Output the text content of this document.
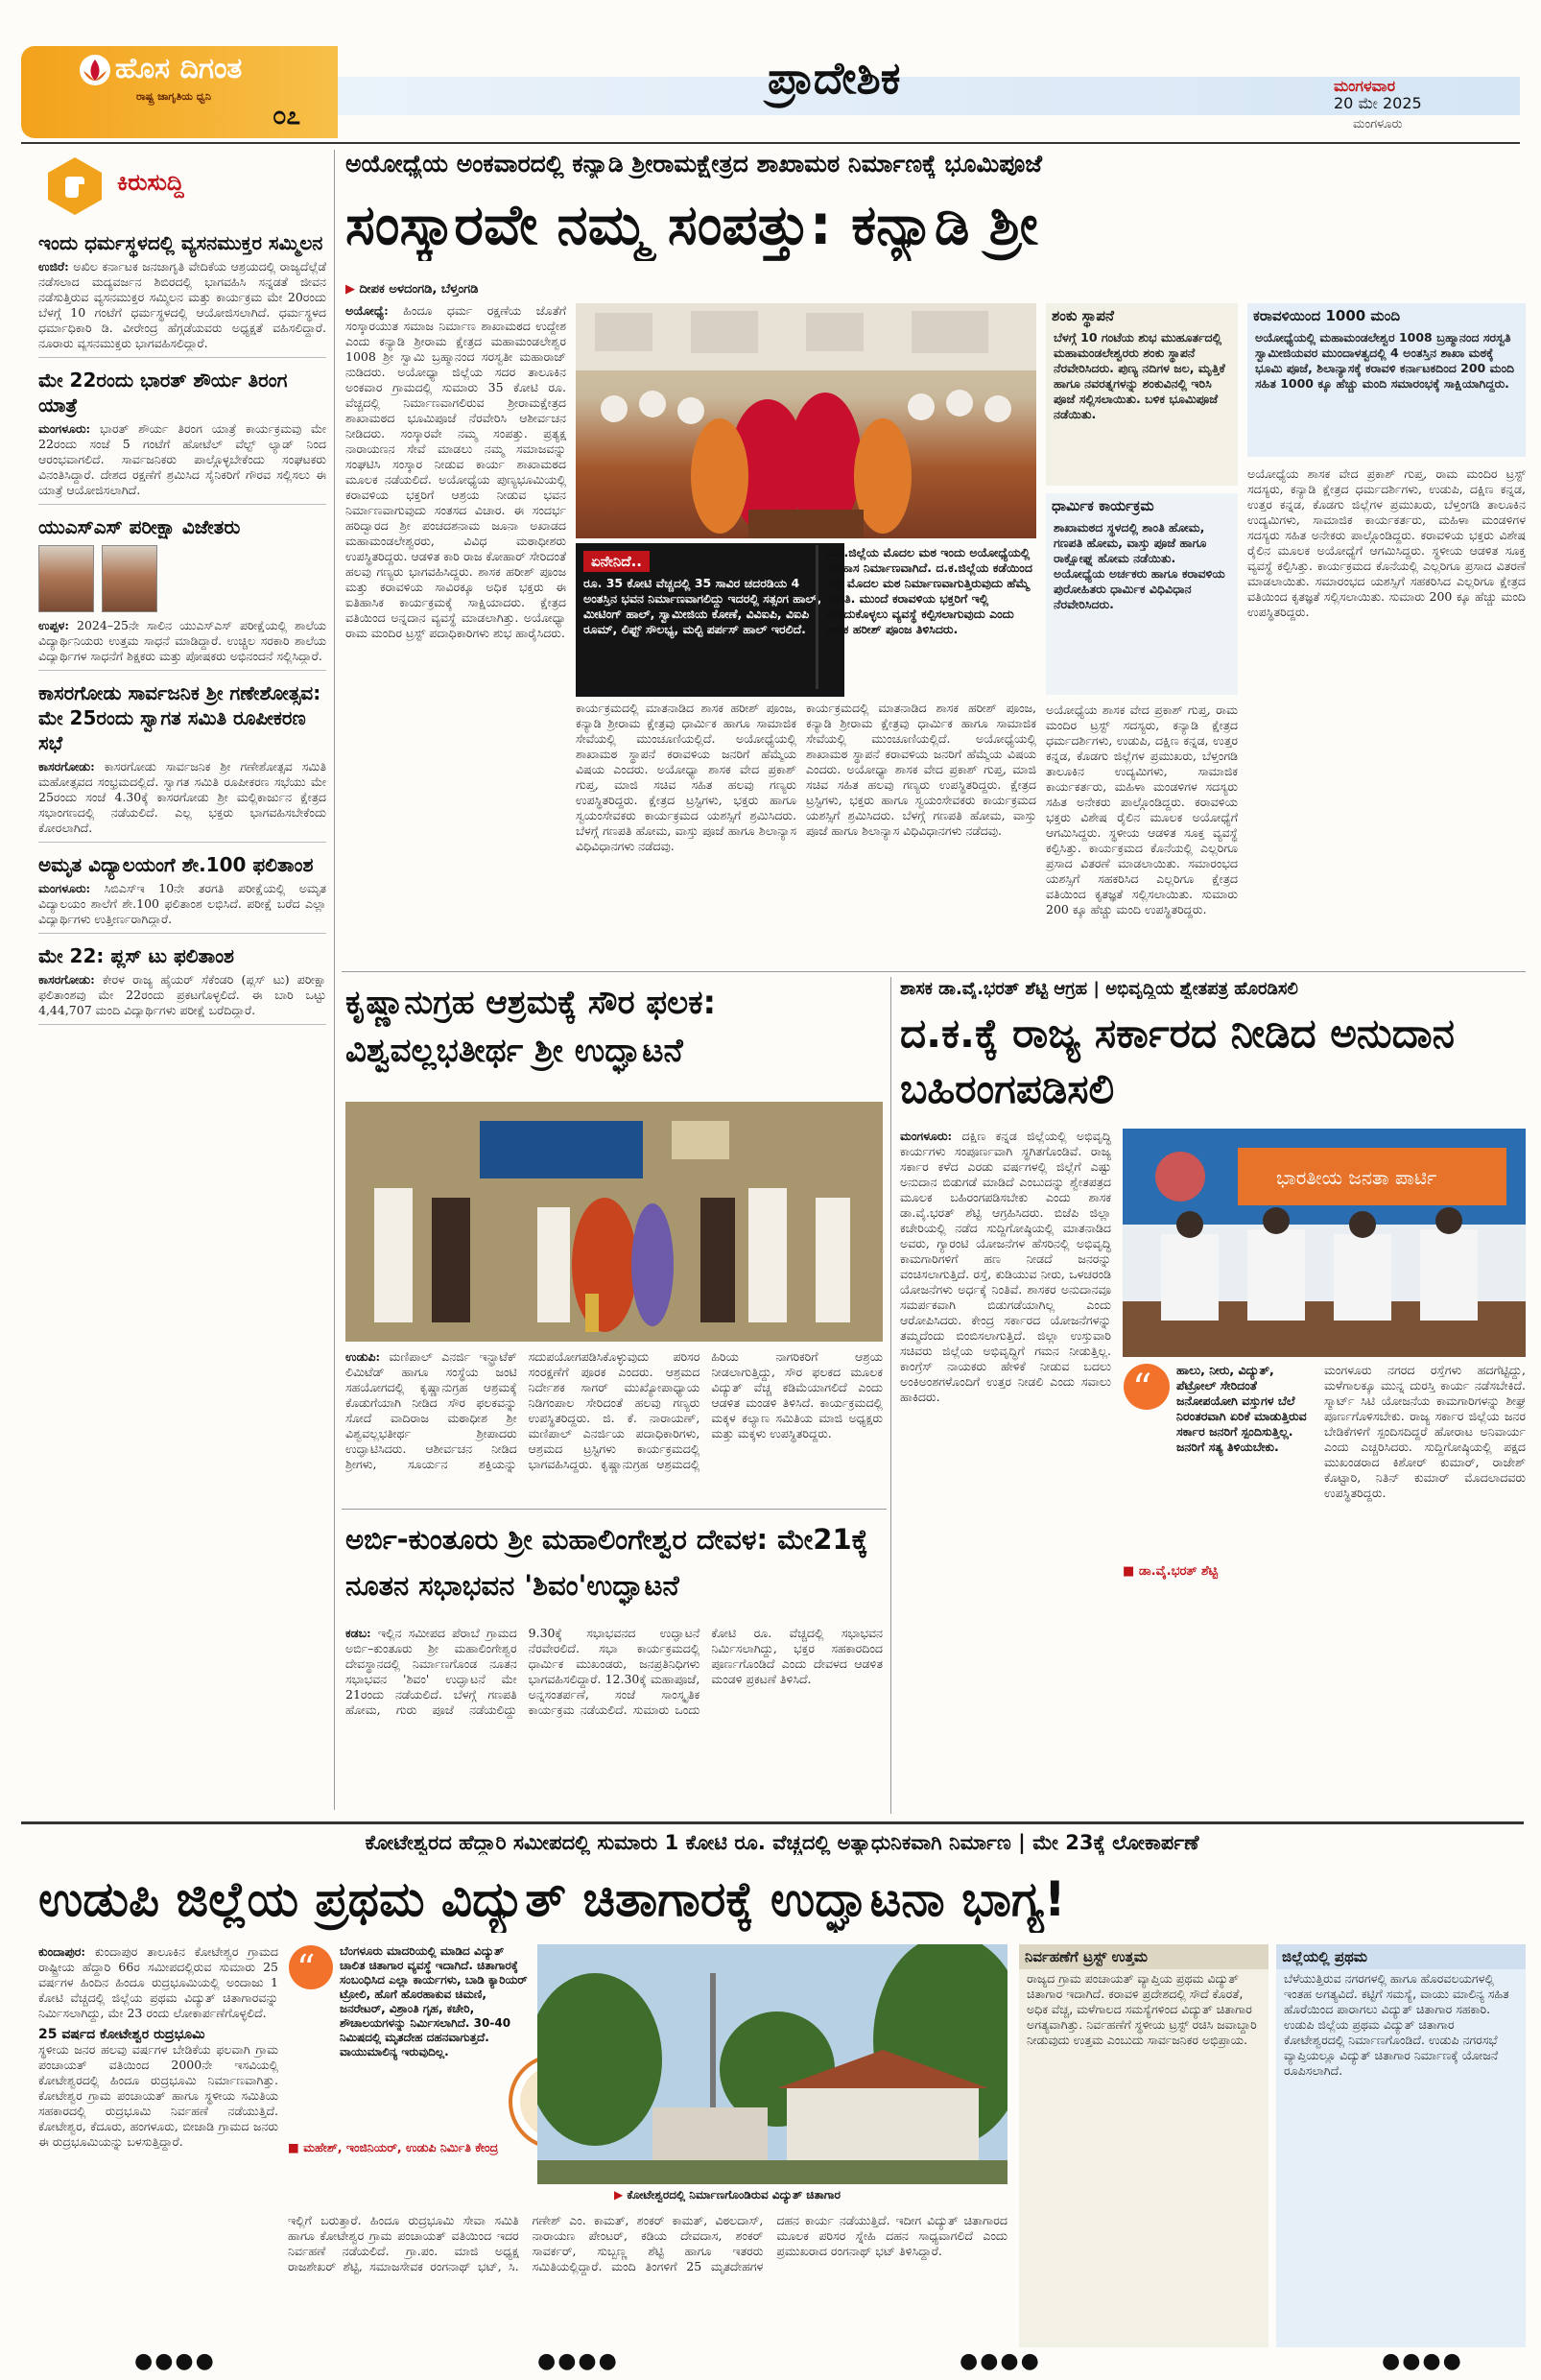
ಹೊಸ ದಿಗಂತ
ರಾಷ್ಟ್ರ ಜಾಗೃತಿಯ ಧ್ವನಿ
೦೭
ಪ್ರಾದೇಶಿಕ	ಮಂಗಳವಾರ
20 ಮೇ 2025
ಮಂಗಳೂರು
ಕಿರುಸುದ್ದಿ
ಇಂದು ಧರ್ಮಸ್ಥಳದಲ್ಲಿ ವ್ಯಸನಮುಕ್ತರ ಸಮ್ಮಿಲನ
ಉಜಿರೆ: ಅಖಿಲ ಕರ್ನಾಟಕ ಜನಜಾಗೃತಿ ವೇದಿಕೆಯ ಆಶ್ರಯದಲ್ಲಿ ರಾಜ್ಯದೆಲ್ಲೆಡೆ ನಡೆಸಲಾದ ಮದ್ಯವರ್ಜನ ಶಿಬಿರದಲ್ಲಿ ಭಾಗವಹಿಸಿ ಸನ್ನಡತೆ ಜೀವನ ನಡೆಸುತ್ತಿರುವ ವ್ಯಸನಮುಕ್ತರ ಸಮ್ಮಿಲನ ಮತ್ತು ಕಾರ್ಯಕ್ರಮ ಮೇ 20ರಂದು ಬೆಳಗ್ಗೆ 10 ಗಂಟೆಗೆ ಧರ್ಮಸ್ಥಳದಲ್ಲಿ ಆಯೋಜಿಸಲಾಗಿದೆ. ಧರ್ಮಸ್ಥಳದ ಧರ್ಮಾಧಿಕಾರಿ ಡಿ. ವೀರೇಂದ್ರ ಹೆಗ್ಗಡೆಯವರು ಅಧ್ಯಕ್ಷತೆ ವಹಿಸಲಿದ್ದಾರೆ. ನೂರಾರು ವ್ಯಸನಮುಕ್ತರು ಭಾಗವಹಿಸಲಿದ್ದಾರೆ.
ಮೇ 22ರಂದು ಭಾರತ್ ಶೌರ್ಯ ತಿರಂಗ ಯಾತ್ರೆ
ಮಂಗಳೂರು: ಭಾರತ್ ಶೌರ್ಯ ತಿರಂಗ ಯಾತ್ರೆ ಕಾರ್ಯಕ್ರಮವು ಮೇ 22ರಂದು ಸಂಜೆ 5 ಗಂಟೆಗೆ ಹೋಟೆಲ್ ವೆಲ್ಟ್ ಲ್ಯಾಡ್ ನಿಂದ ಆರಂಭವಾಗಲಿದೆ. ಸಾರ್ವಜನಿಕರು ಪಾಲ್ಗೊಳ್ಳಬೇಕೆಂದು ಸಂಘಟಕರು ವಿನಂತಿಸಿದ್ದಾರೆ. ದೇಶದ ರಕ್ಷಣೆಗೆ ಶ್ರಮಿಸಿದ ಸೈನಿಕರಿಗೆ ಗೌರವ ಸಲ್ಲಿಸಲು ಈ ಯಾತ್ರೆ ಆಯೋಜಿಸಲಾಗಿದೆ.
ಯುಎಸ್ಎಸ್ ಪರೀಕ್ಷಾ ವಿಜೇತರು
ಉಪ್ಪಳ: 2024–25ನೇ ಸಾಲಿನ ಯುಎಸ್ಎಸ್ ಪರೀಕ್ಷೆಯಲ್ಲಿ ಶಾಲೆಯ ವಿದ್ಯಾರ್ಥಿನಿಯರು ಉತ್ತಮ ಸಾಧನೆ ಮಾಡಿದ್ದಾರೆ. ಉಚ್ಚಿಲ ಸರಕಾರಿ ಶಾಲೆಯ ವಿದ್ಯಾರ್ಥಿಗಳ ಸಾಧನೆಗೆ ಶಿಕ್ಷಕರು ಮತ್ತು ಪೋಷಕರು ಅಭಿನಂದನೆ ಸಲ್ಲಿಸಿದ್ದಾರೆ.
ಕಾಸರಗೋಡು ಸಾರ್ವಜನಿಕ ಶ್ರೀ ಗಣೇಶೋತ್ಸವ: ಮೇ 25ರಂದು ಸ್ವಾಗತ ಸಮಿತಿ ರೂಪೀಕರಣ ಸಭೆ
ಕಾಸರಗೋಡು: ಕಾಸರಗೋಡು ಸಾರ್ವಜನಿಕ ಶ್ರೀ ಗಣೇಶೋತ್ಸವ ಸಮಿತಿ ಮಹೋತ್ಸವದ ಸಂಭ್ರಮದಲ್ಲಿದೆ. ಸ್ವಾಗತ ಸಮಿತಿ ರೂಪೀಕರಣ ಸಭೆಯು ಮೇ 25ರಂದು ಸಂಜೆ 4.30ಕ್ಕೆ ಕಾಸರಗೋಡು ಶ್ರೀ ಮಲ್ಲಿಕಾರ್ಜುನ ಕ್ಷೇತ್ರದ ಸಭಾಂಗಣದಲ್ಲಿ ನಡೆಯಲಿದೆ. ಎಲ್ಲ ಭಕ್ತರು ಭಾಗವಹಿಸಬೇಕೆಂದು ಕೋರಲಾಗಿದೆ.
ಅಮೃತ ವಿದ್ಯಾಲಯಂಗೆ ಶೇ.100 ಫಲಿತಾಂಶ
ಮಂಗಳೂರು: ಸಿಬಿಎಸ್ಇ 10ನೇ ತರಗತಿ ಪರೀಕ್ಷೆಯಲ್ಲಿ ಅಮೃತ ವಿದ್ಯಾಲಯಂ ಶಾಲೆಗೆ ಶೇ.100 ಫಲಿತಾಂಶ ಲಭಿಸಿದೆ. ಪರೀಕ್ಷೆ ಬರೆದ ಎಲ್ಲಾ ವಿದ್ಯಾರ್ಥಿಗಳು ಉತ್ತೀರ್ಣರಾಗಿದ್ದಾರೆ.
ಮೇ 22: ಪ್ಲಸ್ ಟು ಫಲಿತಾಂಶ
ಕಾಸರಗೋಡು: ಕೇರಳ ರಾಜ್ಯ ಹೈಯರ್ ಸೆಕೆಂಡರಿ (ಪ್ಲಸ್ ಟು) ಪರೀಕ್ಷಾ ಫಲಿತಾಂಶವು ಮೇ 22ರಂದು ಪ್ರಕಟಗೊಳ್ಳಲಿದೆ. ಈ ಬಾರಿ ಒಟ್ಟು 4,44,707 ಮಂದಿ ವಿದ್ಯಾರ್ಥಿಗಳು ಪರೀಕ್ಷೆ ಬರೆದಿದ್ದಾರೆ.
ಅಯೋಧ್ಯೆಯ ಅಂಕವಾರದಲ್ಲಿ ಕನ್ಯಾಡಿ ಶ್ರೀರಾಮಕ್ಷೇತ್ರದ ಶಾಖಾಮಠ ನಿರ್ಮಾಣಕ್ಕೆ ಭೂಮಿಪೂಜೆ
ಸಂಸ್ಕಾರವೇ ನಮ್ಮ ಸಂಪತ್ತು: ಕನ್ಯಾಡಿ ಶ್ರೀ
▶ ದೀಪಕ ಅಳದಂಗಡಿ, ಬೆಳ್ತಂಗಡಿ
ಅಯೋಧ್ಯೆ: ಹಿಂದೂ ಧರ್ಮ ರಕ್ಷಣೆಯ ಜೊತೆಗೆ ಸಂಸ್ಕಾರಯುತ ಸಮಾಜ ನಿರ್ಮಾಣ ಶಾಖಾಮಠದ ಉದ್ದೇಶ ಎಂದು ಕನ್ಯಾಡಿ ಶ್ರೀರಾಮ ಕ್ಷೇತ್ರದ ಮಹಾಮಂಡಲೇಶ್ವರ 1008 ಶ್ರೀ ಸ್ವಾಮಿ ಬ್ರಹ್ಮಾನಂದ ಸರಸ್ವತೀ ಮಹಾರಾಜ್ ನುಡಿದರು. ಅಯೋಧ್ಯಾ ಜಿಲ್ಲೆಯ ಸದರ ತಾಲೂಕಿನ ಅಂಕವಾರ ಗ್ರಾಮದಲ್ಲಿ ಸುಮಾರು 35 ಕೋಟಿ ರೂ. ವೆಚ್ಚದಲ್ಲಿ ನಿರ್ಮಾಣವಾಗಲಿರುವ ಶ್ರೀರಾಮಕ್ಷೇತ್ರದ ಶಾಖಾಮಠದ ಭೂಮಿಪೂಜೆ ನೆರವೇರಿಸಿ ಆಶೀರ್ವಚನ ನೀಡಿದರು. ಸಂಸ್ಕಾರವೇ ನಮ್ಮ ಸಂಪತ್ತು. ಪ್ರತ್ಯಕ್ಷ ನಾರಾಯಣನ ಸೇವೆ ಮಾಡಲು ನಮ್ಮ ಸಮಾಜವನ್ನು ಸಂಘಟಿಸಿ ಸಂಸ್ಕಾರ ನೀಡುವ ಕಾರ್ಯ ಶಾಖಾಮಠದ ಮೂಲಕ ನಡೆಯಲಿದೆ. ಅಯೋಧ್ಯೆಯ ಪುಣ್ಯಭೂಮಿಯಲ್ಲಿ ಕರಾವಳಿಯ ಭಕ್ತರಿಗೆ ಆಶ್ರಯ ನೀಡುವ ಭವನ ನಿರ್ಮಾಣವಾಗುವುದು ಸಂತಸದ ವಿಚಾರ. ಈ ಸಂದರ್ಭ ಹರಿದ್ವಾರದ ಶ್ರೀ ಪಂಚದಶನಾಮ ಜೂನಾ ಅಖಾಡದ ಮಹಾಮಂಡಲೇಶ್ವರರು, ವಿವಿಧ ಮಠಾಧೀಶರು ಉಪಸ್ಥಿತರಿದ್ದರು. ಆಡಳಿತ ಕಾರಿ ರಾಜ ಕೋಹಾರ್ ಸೇರಿದಂತೆ ಹಲವು ಗಣ್ಯರು ಭಾಗವಹಿಸಿದ್ದರು. ಶಾಸಕ ಹರೀಶ್ ಪೂಂಜ ಮತ್ತು ಕರಾವಳಿಯ ಸಾವಿರಕ್ಕೂ ಅಧಿಕ ಭಕ್ತರು ಈ ಐತಿಹಾಸಿಕ ಕಾರ್ಯಕ್ರಮಕ್ಕೆ ಸಾಕ್ಷಿಯಾದರು. ಕ್ಷೇತ್ರದ ವತಿಯಿಂದ ಅನ್ನದಾನ ವ್ಯವಸ್ಥೆ ಮಾಡಲಾಗಿತ್ತು. ಅಯೋಧ್ಯಾ ರಾಮ ಮಂದಿರ ಟ್ರಸ್ಟ್ ಪದಾಧಿಕಾರಿಗಳು ಶುಭ ಹಾರೈಸಿದರು.
ಏನೇನಿದೆ..
ರೂ. 35 ಕೋಟಿ ವೆಚ್ಚದಲ್ಲಿ 35 ಸಾವಿರ ಚದರಡಿಯ 4 ಅಂತಸ್ತಿನ ಭವನ ನಿರ್ಮಾಣವಾಗಲಿದ್ದು ಇದರಲ್ಲಿ ಸತ್ಸಂಗ ಹಾಲ್, ಮೀಟಿಂಗ್ ಹಾಲ್, ಸ್ವಾಮೀಜಿಯ ಕೋಣೆ, ವಿವಿಐಪಿ, ವಿಐಪಿ ರೂಮ್, ಲಿಫ್ಟ್ ಸೌಲಭ್ಯ, ಮಲ್ಟಿ ಪರ್ಪಸ್ ಹಾಲ್ ಇರಲಿದೆ.
ದ.ಕ.ಜಿಲ್ಲೆಯ ಮೊದಲ ಮಠ ಇಂದು ಅಯೋಧ್ಯೆಯಲ್ಲಿ ಇತಿಹಾಸ ನಿರ್ಮಾಣವಾಗಿದೆ. ದ.ಕ.ಜಿಲ್ಲೆಯ ಕಡೆಯಿಂದ ಇಲ್ಲಿ ಮೊದಲ ಮಠ ನಿರ್ಮಾಣವಾಗುತ್ತಿರುವುದು ಹೆಮ್ಮೆ ಸಂಗತಿ. ಮುಂದೆ ಕರಾವಳಿಯ ಭಕ್ತರಿಗೆ ಇಲ್ಲಿ ಉಳಿದುಕೊಳ್ಳಲು ವ್ಯವಸ್ಥೆ ಕಲ್ಪಿಸಲಾಗುವುದು ಎಂದು ಶಾಸಕ ಹರೀಶ್ ಪೂಂಜ ತಿಳಿಸಿದರು.
ಕಾರ್ಯಕ್ರಮದಲ್ಲಿ ಮಾತನಾಡಿದ ಶಾಸಕ ಹರೀಶ್ ಪೂಂಜ, ಕನ್ಯಾಡಿ ಶ್ರೀರಾಮ ಕ್ಷೇತ್ರವು ಧಾರ್ಮಿಕ ಹಾಗೂ ಸಾಮಾಜಿಕ ಸೇವೆಯಲ್ಲಿ ಮುಂಚೂಣಿಯಲ್ಲಿದೆ. ಅಯೋಧ್ಯೆಯಲ್ಲಿ ಶಾಖಾಮಠ ಸ್ಥಾಪನೆ ಕರಾವಳಿಯ ಜನರಿಗೆ ಹೆಮ್ಮೆಯ ವಿಷಯ ಎಂದರು. ಅಯೋಧ್ಯಾ ಶಾಸಕ ವೇದ ಪ್ರಕಾಶ್ ಗುಪ್ತ, ಮಾಜಿ ಸಚಿವ ಸಹಿತ ಹಲವು ಗಣ್ಯರು ಉಪಸ್ಥಿತರಿದ್ದರು. ಕ್ಷೇತ್ರದ ಟ್ರಸ್ಟಿಗಳು, ಭಕ್ತರು ಹಾಗೂ ಸ್ವಯಂಸೇವಕರು ಕಾರ್ಯಕ್ರಮದ ಯಶಸ್ಸಿಗೆ ಶ್ರಮಿಸಿದರು. ಬೆಳಗ್ಗೆ ಗಣಪತಿ ಹೋಮ, ವಾಸ್ತು ಪೂಜೆ ಹಾಗೂ ಶಿಲಾನ್ಯಾಸ ವಿಧಿವಿಧಾನಗಳು ನಡೆದವು.
ಕಾರ್ಯಕ್ರಮದಲ್ಲಿ ಮಾತನಾಡಿದ ಶಾಸಕ ಹರೀಶ್ ಪೂಂಜ, ಕನ್ಯಾಡಿ ಶ್ರೀರಾಮ ಕ್ಷೇತ್ರವು ಧಾರ್ಮಿಕ ಹಾಗೂ ಸಾಮಾಜಿಕ ಸೇವೆಯಲ್ಲಿ ಮುಂಚೂಣಿಯಲ್ಲಿದೆ. ಅಯೋಧ್ಯೆಯಲ್ಲಿ ಶಾಖಾಮಠ ಸ್ಥಾಪನೆ ಕರಾವಳಿಯ ಜನರಿಗೆ ಹೆಮ್ಮೆಯ ವಿಷಯ ಎಂದರು. ಅಯೋಧ್ಯಾ ಶಾಸಕ ವೇದ ಪ್ರಕಾಶ್ ಗುಪ್ತ, ಮಾಜಿ ಸಚಿವ ಸಹಿತ ಹಲವು ಗಣ್ಯರು ಉಪಸ್ಥಿತರಿದ್ದರು. ಕ್ಷೇತ್ರದ ಟ್ರಸ್ಟಿಗಳು, ಭಕ್ತರು ಹಾಗೂ ಸ್ವಯಂಸೇವಕರು ಕಾರ್ಯಕ್ರಮದ ಯಶಸ್ಸಿಗೆ ಶ್ರಮಿಸಿದರು. ಬೆಳಗ್ಗೆ ಗಣಪತಿ ಹೋಮ, ವಾಸ್ತು ಪೂಜೆ ಹಾಗೂ ಶಿಲಾನ್ಯಾಸ ವಿಧಿವಿಧಾನಗಳು ನಡೆದವು.
ಶಂಕು ಸ್ಥಾಪನೆ
ಬೆಳಗ್ಗೆ 10 ಗಂಟೆಯ ಶುಭ ಮುಹೂರ್ತದಲ್ಲಿ ಮಹಾಮಂಡಲೇಶ್ವರರು ಶಂಕು ಸ್ಥಾಪನೆ ನೆರವೇರಿಸಿದರು. ಪುಣ್ಯ ನದಿಗಳ ಜಲ, ಮೃತ್ತಿಕೆ ಹಾಗೂ ನವರತ್ನಗಳನ್ನು ಶಂಕುವಿನಲ್ಲಿ ಇರಿಸಿ ಪೂಜೆ ಸಲ್ಲಿಸಲಾಯಿತು. ಬಳಿಕ ಭೂಮಿಪೂಜೆ ನಡೆಯಿತು.
ಧಾರ್ಮಿಕ ಕಾರ್ಯಕ್ರಮ
ಶಾಖಾಮಠದ ಸ್ಥಳದಲ್ಲಿ ಶಾಂತಿ ಹೋಮ, ಗಣಪತಿ ಹೋಮ, ವಾಸ್ತು ಪೂಜೆ ಹಾಗೂ ರಾಕ್ಷೋಘ್ನ ಹೋಮ ನಡೆಯಿತು. ಅಯೋಧ್ಯೆಯ ಅರ್ಚಕರು ಹಾಗೂ ಕರಾವಳಿಯ ಪುರೋಹಿತರು ಧಾರ್ಮಿಕ ವಿಧಿವಿಧಾನ ನೆರವೇರಿಸಿದರು.
ಅಯೋಧ್ಯೆಯ ಶಾಸಕ ವೇದ ಪ್ರಕಾಶ್ ಗುಪ್ತ, ರಾಮ ಮಂದಿರ ಟ್ರಸ್ಟ್ ಸದಸ್ಯರು, ಕನ್ಯಾಡಿ ಕ್ಷೇತ್ರದ ಧರ್ಮದರ್ಶಿಗಳು, ಉಡುಪಿ, ದಕ್ಷಿಣ ಕನ್ನಡ, ಉತ್ತರ ಕನ್ನಡ, ಕೊಡಗು ಜಿಲ್ಲೆಗಳ ಪ್ರಮುಖರು, ಬೆಳ್ತಂಗಡಿ ತಾಲೂಕಿನ ಉದ್ಯಮಿಗಳು, ಸಾಮಾಜಿಕ ಕಾರ್ಯಕರ್ತರು, ಮಹಿಳಾ ಮಂಡಳಿಗಳ ಸದಸ್ಯರು ಸಹಿತ ಅನೇಕರು ಪಾಲ್ಗೊಂಡಿದ್ದರು. ಕರಾವಳಿಯ ಭಕ್ತರು ವಿಶೇಷ ರೈಲಿನ ಮೂಲಕ ಅಯೋಧ್ಯೆಗೆ ಆಗಮಿಸಿದ್ದರು. ಸ್ಥಳೀಯ ಆಡಳಿತ ಸೂಕ್ತ ವ್ಯವಸ್ಥೆ ಕಲ್ಪಿಸಿತ್ತು. ಕಾರ್ಯಕ್ರಮದ ಕೊನೆಯಲ್ಲಿ ಎಲ್ಲರಿಗೂ ಪ್ರಸಾದ ವಿತರಣೆ ಮಾಡಲಾಯಿತು. ಸಮಾರಂಭದ ಯಶಸ್ಸಿಗೆ ಸಹಕರಿಸಿದ ಎಲ್ಲರಿಗೂ ಕ್ಷೇತ್ರದ ವತಿಯಿಂದ ಕೃತಜ್ಞತೆ ಸಲ್ಲಿಸಲಾಯಿತು. ಸುಮಾರು 200 ಕ್ಕೂ ಹೆಚ್ಚು ಮಂದಿ ಉಪಸ್ಥಿತರಿದ್ದರು.
ಕರಾವಳಿಯಿಂದ 1000 ಮಂದಿ
ಅಯೋಧ್ಯೆಯಲ್ಲಿ ಮಹಾಮಂಡಲೇಶ್ವರ 1008 ಬ್ರಹ್ಮಾನಂದ ಸರಸ್ವತಿ ಸ್ವಾಮೀಜಿಯವರ ಮುಂದಾಳತ್ವದಲ್ಲಿ 4 ಅಂತಸ್ತಿನ ಶಾಖಾ ಮಠಕ್ಕೆ ಭೂಮಿ ಪೂಜೆ, ಶಿಲಾನ್ಯಾಸಕ್ಕೆ ಕರಾವಳಿ ಕರ್ನಾಟಕದಿಂದ 200 ಮಂದಿ ಸಹಿತ 1000 ಕ್ಕೂ ಹೆಚ್ಚು ಮಂದಿ ಸಮಾರಂಭಕ್ಕೆ ಸಾಕ್ಷಿಯಾಗಿದ್ದರು.
ಅಯೋಧ್ಯೆಯ ಶಾಸಕ ವೇದ ಪ್ರಕಾಶ್ ಗುಪ್ತ, ರಾಮ ಮಂದಿರ ಟ್ರಸ್ಟ್ ಸದಸ್ಯರು, ಕನ್ಯಾಡಿ ಕ್ಷೇತ್ರದ ಧರ್ಮದರ್ಶಿಗಳು, ಉಡುಪಿ, ದಕ್ಷಿಣ ಕನ್ನಡ, ಉತ್ತರ ಕನ್ನಡ, ಕೊಡಗು ಜಿಲ್ಲೆಗಳ ಪ್ರಮುಖರು, ಬೆಳ್ತಂಗಡಿ ತಾಲೂಕಿನ ಉದ್ಯಮಿಗಳು, ಸಾಮಾಜಿಕ ಕಾರ್ಯಕರ್ತರು, ಮಹಿಳಾ ಮಂಡಳಿಗಳ ಸದಸ್ಯರು ಸಹಿತ ಅನೇಕರು ಪಾಲ್ಗೊಂಡಿದ್ದರು. ಕರಾವಳಿಯ ಭಕ್ತರು ವಿಶೇಷ ರೈಲಿನ ಮೂಲಕ ಅಯೋಧ್ಯೆಗೆ ಆಗಮಿಸಿದ್ದರು. ಸ್ಥಳೀಯ ಆಡಳಿತ ಸೂಕ್ತ ವ್ಯವಸ್ಥೆ ಕಲ್ಪಿಸಿತ್ತು. ಕಾರ್ಯಕ್ರಮದ ಕೊನೆಯಲ್ಲಿ ಎಲ್ಲರಿಗೂ ಪ್ರಸಾದ ವಿತರಣೆ ಮಾಡಲಾಯಿತು. ಸಮಾರಂಭದ ಯಶಸ್ಸಿಗೆ ಸಹಕರಿಸಿದ ಎಲ್ಲರಿಗೂ ಕ್ಷೇತ್ರದ ವತಿಯಿಂದ ಕೃತಜ್ಞತೆ ಸಲ್ಲಿಸಲಾಯಿತು. ಸುಮಾರು 200 ಕ್ಕೂ ಹೆಚ್ಚು ಮಂದಿ ಉಪಸ್ಥಿತರಿದ್ದರು.
ಕೃಷ್ಣಾನುಗ್ರಹ ಆಶ್ರಮಕ್ಕೆ ಸೌರ ಫಲಕ: ವಿಶ್ವವಲ್ಲಭತೀರ್ಥ ಶ್ರೀ ಉದ್ಘಾಟನೆ
ಉಡುಪಿ: ಮಣಿಪಾಲ್ ಎನರ್ಜಿ ಇನ್ಫ್ರಾಟೆಕ್ ಲಿಮಿಟೆಡ್ ಹಾಗೂ ಸಂಸ್ಥೆಯ ಜಂಟಿ ಸಹಯೋಗದಲ್ಲಿ ಕೃಷ್ಣಾನುಗ್ರಹ ಆಶ್ರಮಕ್ಕೆ ಕೊಡುಗೆಯಾಗಿ ನೀಡಿದ ಸೌರ ಫಲಕವನ್ನು ಸೋದೆ ವಾದಿರಾಜ ಮಠಾಧೀಶ ಶ್ರೀ ವಿಶ್ವವಲ್ಲಭತೀರ್ಥ ಶ್ರೀಪಾದರು ಉದ್ಘಾಟಿಸಿದರು. ಆಶೀರ್ವಚನ ನೀಡಿದ ಶ್ರೀಗಳು, ಸೂರ್ಯನ ಶಕ್ತಿಯನ್ನು ಸದುಪಯೋಗಪಡಿಸಿಕೊಳ್ಳುವುದು ಪರಿಸರ ಸಂರಕ್ಷಣೆಗೆ ಪೂರಕ ಎಂದರು. ಆಶ್ರಮದ ನಿರ್ದೇಶಕ ಸಾಗರ್ ಮುಖ್ಯೋಪಾಧ್ಯಾಯ ನಿಡಿಗಂಪಾಲ ಸೇರಿದಂತೆ ಹಲವು ಗಣ್ಯರು ಉಪಸ್ಥಿತರಿದ್ದರು. ಜಿ. ಕೆ. ನಾರಾಯಣ್, ಮಣಿಪಾಲ್ ಎನರ್ಜಿಯ ಪದಾಧಿಕಾರಿಗಳು, ಆಶ್ರಮದ ಟ್ರಸ್ಟಿಗಳು ಕಾರ್ಯಕ್ರಮದಲ್ಲಿ ಭಾಗವಹಿಸಿದ್ದರು. ಕೃಷ್ಣಾನುಗ್ರಹ ಆಶ್ರಮದಲ್ಲಿ ಹಿರಿಯ ನಾಗರಿಕರಿಗೆ ಆಶ್ರಯ ನೀಡಲಾಗುತ್ತಿದ್ದು, ಸೌರ ಫಲಕದ ಮೂಲಕ ವಿದ್ಯುತ್ ವೆಚ್ಚ ಕಡಿಮೆಯಾಗಲಿದೆ ಎಂದು ಆಡಳಿತ ಮಂಡಳಿ ತಿಳಿಸಿದೆ. ಕಾರ್ಯಕ್ರಮದಲ್ಲಿ ಮಕ್ಕಳ ಕಲ್ಯಾಣ ಸಮಿತಿಯ ಮಾಜಿ ಅಧ್ಯಕ್ಷರು ಮತ್ತು ಮಕ್ಕಳು ಉಪಸ್ಥಿತರಿದ್ದರು.
ಅರ್ಬಿ-ಕುಂತೂರು ಶ್ರೀ ಮಹಾಲಿಂಗೇಶ್ವರ ದೇವಳ: ಮೇ21ಕ್ಕೆ ನೂತನ ಸಭಾಭವನ 'ಶಿವಂ'ಉದ್ಘಾಟನೆ
ಕಡಬ: ಇಲ್ಲಿನ ಸಮೀಪದ ಪೆರಾಬೆ ಗ್ರಾಮದ ಅರ್ಬಿ–ಕುಂತೂರು ಶ್ರೀ ಮಹಾಲಿಂಗೇಶ್ವರ ದೇವಸ್ಥಾನದಲ್ಲಿ ನಿರ್ಮಾಣಗೊಂಡ ನೂತನ ಸಭಾಭವನ 'ಶಿವಂ' ಉದ್ಘಾಟನೆ ಮೇ 21ರಂದು ನಡೆಯಲಿದೆ. ಬೆಳಗ್ಗೆ ಗಣಪತಿ ಹೋಮ, ಗುರು ಪೂಜೆ ನಡೆಯಲಿದ್ದು 9.30ಕ್ಕೆ ಸಭಾಭವನದ ಉದ್ಘಾಟನೆ ನೆರವೇರಲಿದೆ. ಸಭಾ ಕಾರ್ಯಕ್ರಮದಲ್ಲಿ ಧಾರ್ಮಿಕ ಮುಖಂಡರು, ಜನಪ್ರತಿನಿಧಿಗಳು ಭಾಗವಹಿಸಲಿದ್ದಾರೆ. 12.30ಕ್ಕೆ ಮಹಾಪೂಜೆ, ಅನ್ನಸಂತರ್ಪಣೆ, ಸಂಜೆ ಸಾಂಸ್ಕೃತಿಕ ಕಾರ್ಯಕ್ರಮ ನಡೆಯಲಿದೆ. ಸುಮಾರು ಒಂದು ಕೋಟಿ ರೂ. ವೆಚ್ಚದಲ್ಲಿ ಸಭಾಭವನ ನಿರ್ಮಿಸಲಾಗಿದ್ದು, ಭಕ್ತರ ಸಹಕಾರದಿಂದ ಪೂರ್ಣಗೊಂಡಿದೆ ಎಂದು ದೇವಳದ ಆಡಳಿತ ಮಂಡಳಿ ಪ್ರಕಟಣೆ ತಿಳಿಸಿದೆ.
ಶಾಸಕ ಡಾ.ವೈ.ಭರತ್ ಶೆಟ್ಟಿ ಆಗ್ರಹ | ಅಭಿವೃದ್ಧಿಯ ಶ್ವೇತಪತ್ರ ಹೊರಡಿಸಲಿ
ದ.ಕ.ಕ್ಕೆ ರಾಜ್ಯ ಸರ್ಕಾರದ ನೀಡಿದ ಅನುದಾನ ಬಹಿರಂಗಪಡಿಸಲಿ
ಮಂಗಳೂರು: ದಕ್ಷಿಣ ಕನ್ನಡ ಜಿಲ್ಲೆಯಲ್ಲಿ ಅಭಿವೃದ್ಧಿ ಕಾರ್ಯಗಳು ಸಂಪೂರ್ಣವಾಗಿ ಸ್ಥಗಿತಗೊಂಡಿವೆ. ರಾಜ್ಯ ಸರ್ಕಾರ ಕಳೆದ ಎರಡು ವರ್ಷಗಳಲ್ಲಿ ಜಿಲ್ಲೆಗೆ ಎಷ್ಟು ಅನುದಾನ ಬಿಡುಗಡೆ ಮಾಡಿದೆ ಎಂಬುದನ್ನು ಶ್ವೇತಪತ್ರದ ಮೂಲಕ ಬಹಿರಂಗಪಡಿಸಬೇಕು ಎಂದು ಶಾಸಕ ಡಾ.ವೈ.ಭರತ್ ಶೆಟ್ಟಿ ಆಗ್ರಹಿಸಿದರು. ಬಿಜೆಪಿ ಜಿಲ್ಲಾ ಕಚೇರಿಯಲ್ಲಿ ನಡೆದ ಸುದ್ದಿಗೋಷ್ಠಿಯಲ್ಲಿ ಮಾತನಾಡಿದ ಅವರು, ಗ್ಯಾರಂಟಿ ಯೋಜನೆಗಳ ಹೆಸರಿನಲ್ಲಿ ಅಭಿವೃದ್ಧಿ ಕಾಮಗಾರಿಗಳಿಗೆ ಹಣ ನೀಡದೆ ಜನರನ್ನು ವಂಚಿಸಲಾಗುತ್ತಿದೆ. ರಸ್ತೆ, ಕುಡಿಯುವ ನೀರು, ಒಳಚರಂಡಿ ಯೋಜನೆಗಳು ಅರ್ಧಕ್ಕೆ ನಿಂತಿವೆ. ಶಾಸಕರ ಅನುದಾನವೂ ಸಮರ್ಪಕವಾಗಿ ಬಿಡುಗಡೆಯಾಗಿಲ್ಲ ಎಂದು ಆರೋಪಿಸಿದರು. ಕೇಂದ್ರ ಸರ್ಕಾರದ ಯೋಜನೆಗಳನ್ನು ತಮ್ಮದೆಂದು ಬಿಂಬಿಸಲಾಗುತ್ತಿದೆ. ಜಿಲ್ಲಾ ಉಸ್ತುವಾರಿ ಸಚಿವರು ಜಿಲ್ಲೆಯ ಅಭಿವೃದ್ಧಿಗೆ ಗಮನ ನೀಡುತ್ತಿಲ್ಲ. ಕಾಂಗ್ರೆಸ್ ನಾಯಕರು ಹೇಳಿಕೆ ನೀಡುವ ಬದಲು ಅಂಕಿಅಂಶಗಳೊಂದಿಗೆ ಉತ್ತರ ನೀಡಲಿ ಎಂದು ಸವಾಲು ಹಾಕಿದರು.
ಭಾರತೀಯ ಜನತಾ ಪಾರ್ಟಿ
“ ಹಾಲು, ನೀರು, ವಿದ್ಯುತ್, ಪೆಟ್ರೋಲ್ ಸೇರಿದಂತೆ ಜನೋಪಯೋಗಿ ವಸ್ತುಗಳ ಬೆಲೆ ನಿರಂತರವಾಗಿ ಏರಿಕೆ ಮಾಡುತ್ತಿರುವ ಸರ್ಕಾರ ಜನರಿಗೆ ಸ್ಪಂದಿಸುತ್ತಿಲ್ಲ. ಜನರಿಗೆ ಸತ್ಯ ತಿಳಿಯಬೇಕು.
■ ಡಾ.ವೈ.ಭರತ್ ಶೆಟ್ಟಿ
ಮಂಗಳೂರು ನಗರದ ರಸ್ತೆಗಳು ಹದಗೆಟ್ಟಿದ್ದು, ಮಳೆಗಾಲಕ್ಕೂ ಮುನ್ನ ದುರಸ್ತಿ ಕಾರ್ಯ ನಡೆಸಬೇಕಿದೆ. ಸ್ಮಾರ್ಟ್ ಸಿಟಿ ಯೋಜನೆಯ ಕಾಮಗಾರಿಗಳನ್ನು ಶೀಘ್ರ ಪೂರ್ಣಗೊಳಿಸಬೇಕು. ರಾಜ್ಯ ಸರ್ಕಾರ ಜಿಲ್ಲೆಯ ಜನರ ಬೇಡಿಕೆಗಳಿಗೆ ಸ್ಪಂದಿಸದಿದ್ದರೆ ಹೋರಾಟ ಅನಿವಾರ್ಯ ಎಂದು ಎಚ್ಚರಿಸಿದರು. ಸುದ್ದಿಗೋಷ್ಠಿಯಲ್ಲಿ ಪಕ್ಷದ ಮುಖಂಡರಾದ ಕಿಶೋರ್ ಕುಮಾರ್, ರಾಜೇಶ್ ಕೊಟ್ಟಾರಿ, ನಿತಿನ್ ಕುಮಾರ್ ಮೊದಲಾದವರು ಉಪಸ್ಥಿತರಿದ್ದರು.
ಕೋಟೇಶ್ವರದ ಹೆದ್ದಾರಿ ಸಮೀಪದಲ್ಲಿ ಸುಮಾರು 1 ಕೋಟಿ ರೂ. ವೆಚ್ಚದಲ್ಲಿ ಅತ್ಯಾಧುನಿಕವಾಗಿ ನಿರ್ಮಾಣ | ಮೇ 23ಕ್ಕೆ ಲೋಕಾರ್ಪಣೆ
ಉಡುಪಿ ಜಿಲ್ಲೆಯ ಪ್ರಥಮ ವಿದ್ಯುತ್ ಚಿತಾಗಾರಕ್ಕೆ ಉದ್ಘಾಟನಾ ಭಾಗ್ಯ!
ಕುಂದಾಪುರ: ಕುಂದಾಪುರ ತಾಲೂಕಿನ ಕೋಟೇಶ್ವರ ಗ್ರಾಮದ ರಾಷ್ಟ್ರೀಯ ಹೆದ್ದಾರಿ 66ರ ಸಮೀಪದಲ್ಲಿರುವ ಸುಮಾರು 25 ವರ್ಷಗಳ ಹಿಂದಿನ ಹಿಂದೂ ರುದ್ರಭೂಮಿಯಲ್ಲಿ ಅಂದಾಜು 1 ಕೋಟಿ ವೆಚ್ಚದಲ್ಲಿ ಜಿಲ್ಲೆಯ ಪ್ರಥಮ ವಿದ್ಯುತ್ ಚಿತಾಗಾರವನ್ನು ನಿರ್ಮಿಸಲಾಗಿದ್ದು, ಮೇ 23 ರಂದು ಲೋಕಾರ್ಪಣೆಗೊಳ್ಳಲಿದೆ.
25 ವರ್ಷದ ಕೋಟೇಶ್ವರ ರುದ್ರಭೂಮಿ
ಸ್ಥಳೀಯ ಜನರ ಹಲವು ವರ್ಷಗಳ ಬೇಡಿಕೆಯ ಫಲವಾಗಿ ಗ್ರಾಮ ಪಂಚಾಯತ್ ವತಿಯಿಂದ 2000ನೇ ಇಸವಿಯಲ್ಲಿ ಕೋಟೇಶ್ವರದಲ್ಲಿ ಹಿಂದೂ ರುದ್ರಭೂಮಿ ನಿರ್ಮಾಣವಾಗಿತ್ತು. ಕೋಟೇಶ್ವರ ಗ್ರಾಮ ಪಂಚಾಯತ್ ಹಾಗೂ ಸ್ಥಳೀಯ ಸಮಿತಿಯ ಸಹಕಾರದಲ್ಲಿ ರುದ್ರಭೂಮಿ ನಿರ್ವಹಣೆ ನಡೆಯುತ್ತಿದೆ. ಕೋಟೇಶ್ವರ, ಕೆದೂರು, ಹಂಗಳೂರು, ಬೀಜಾಡಿ ಗ್ರಾಮದ ಜನರು ಈ ರುದ್ರಭೂಮಿಯನ್ನು ಬಳಸುತ್ತಿದ್ದಾರೆ.
“ ಬೆಂಗಳೂರು ಮಾದರಿಯಲ್ಲಿ ಮಾಡಿದ ವಿದ್ಯುತ್ ಚಾಲಿತ ಚಿತಾಗಾರ ವ್ಯವಸ್ಥೆ ಇದಾಗಿದೆ. ಚಿತಾಗಾರಕ್ಕೆ ಸಂಬಂಧಿಸಿದ ಎಲ್ಲಾ ಕಾರ್ಯಗಳು, ಬಾಡಿ ಕ್ಯಾರಿಯರ್ ಟ್ರೋಲಿ, ಹೊಗೆ ಹೊರಹಾಕುವ ಚಿಮಣಿ, ಜನರೇಟರ್, ವಿಶ್ರಾಂತಿ ಗೃಹ, ಕಚೇರಿ, ಶೌಚಾಲಯಗಳನ್ನು ನಿರ್ಮಿಸಲಾಗಿದೆ. 30-40 ನಿಮಿಷದಲ್ಲಿ ಮೃತದೇಹ ದಹನವಾಗುತ್ತದೆ. ವಾಯುಮಾಲಿನ್ಯ ಇರುವುದಿಲ್ಲ.
■ ಮಹೇಶ್, ಇಂಜಿನಿಯರ್, ಉಡುಪಿ ನಿರ್ಮಿತಿ ಕೇಂದ್ರ
▶ ಕೋಟೇಶ್ವರದಲ್ಲಿ ನಿರ್ಮಾಣಗೊಂಡಿರುವ ವಿದ್ಯುತ್ ಚಿತಾಗಾರ
ಇಲ್ಲಿಗೆ ಬರುತ್ತಾರೆ. ಹಿಂದೂ ರುದ್ರಭೂಮಿ ಸೇವಾ ಸಮಿತಿ ಹಾಗೂ ಕೋಟೇಶ್ವರ ಗ್ರಾಮ ಪಂಚಾಯತ್ ವತಿಯಿಂದ ಇದರ ನಿರ್ವಹಣೆ ನಡೆಯಲಿದೆ. ಗ್ರಾ.ಪಂ. ಮಾಜಿ ಅಧ್ಯಕ್ಷ ರಾಜಶೇಖರ್ ಶೆಟ್ಟಿ, ಸಮಾಜಸೇವಕ ರಂಗನಾಥ್ ಭಟ್, ಸಿ. ಗಣೇಶ್ ಎಂ. ಕಾಮತ್, ಶಂಕರ್ ಕಾಮತ್, ವಿಠಲದಾಸ್, ನಾರಾಯಣ ಪೇಂಟರ್, ಕಡಿಯ ದೇವದಾಸ, ಶಂಕರ್ ಸಾವರ್ಕರ್, ಸುಬ್ಬಣ್ಣ ಶೆಟ್ಟಿ ಹಾಗೂ ಇತರರು ಸಮಿತಿಯಲ್ಲಿದ್ದಾರೆ. ಮಂದಿ ತಿಂಗಳಿಗೆ 25 ಮೃತದೇಹಗಳ ದಹನ ಕಾರ್ಯ ನಡೆಯುತ್ತಿದೆ. ಇದೀಗ ವಿದ್ಯುತ್ ಚಿತಾಗಾರದ ಮೂಲಕ ಪರಿಸರ ಸ್ನೇಹಿ ದಹನ ಸಾಧ್ಯವಾಗಲಿದೆ ಎಂದು ಪ್ರಮುಖರಾದ ರಂಗನಾಥ್ ಭಟ್ ತಿಳಿಸಿದ್ದಾರೆ.
ನಿರ್ವಹಣೆಗೆ ಟ್ರಸ್ಟ್ ಉತ್ತಮ
ರಾಜ್ಯದ ಗ್ರಾಮ ಪಂಚಾಯತ್ ವ್ಯಾಪ್ತಿಯ ಪ್ರಥಮ ವಿದ್ಯುತ್ ಚಿತಾಗಾರ ಇದಾಗಿದೆ. ಕರಾವಳಿ ಪ್ರದೇಶದಲ್ಲಿ ಸೌದೆ ಕೊರತೆ, ಅಧಿಕ ವೆಚ್ಚ, ಮಳೆಗಾಲದ ಸಮಸ್ಯೆಗಳಿಂದ ವಿದ್ಯುತ್ ಚಿತಾಗಾರ ಅಗತ್ಯವಾಗಿತ್ತು. ನಿರ್ವಹಣೆಗೆ ಸ್ಥಳೀಯ ಟ್ರಸ್ಟ್ ರಚಿಸಿ ಜವಾಬ್ದಾರಿ ನೀಡುವುದು ಉತ್ತಮ ಎಂಬುದು ಸಾರ್ವಜನಿಕರ ಅಭಿಪ್ರಾಯ.
ಜಿಲ್ಲೆಯಲ್ಲಿ ಪ್ರಥಮ
ಬೆಳೆಯುತ್ತಿರುವ ನಗರಗಳಲ್ಲಿ ಹಾಗೂ ಹೊರವಲಯಗಳಲ್ಲಿ ಇಂತಹ ಅಗತ್ಯವಿದೆ. ಕಟ್ಟಿಗೆ ಸಮಸ್ಯೆ, ವಾಯು ಮಾಲಿನ್ಯ ಸಹಿತ ಹೊರೆಯಿಂದ ಪಾರಾಗಲು ವಿದ್ಯುತ್ ಚಿತಾಗಾರ ಸಹಕಾರಿ. ಉಡುಪಿ ಜಿಲ್ಲೆಯ ಪ್ರಥಮ ವಿದ್ಯುತ್ ಚಿತಾಗಾರ ಕೋಟೇಶ್ವರದಲ್ಲಿ ನಿರ್ಮಾಣಗೊಂಡಿದೆ. ಉಡುಪಿ ನಗರಸಭೆ ವ್ಯಾಪ್ತಿಯಲ್ಲೂ ವಿದ್ಯುತ್ ಚಿತಾಗಾರ ನಿರ್ಮಾಣಕ್ಕೆ ಯೋಜನೆ ರೂಪಿಸಲಾಗಿದೆ.
●●●●	●●●●	●●●●	●●●●
